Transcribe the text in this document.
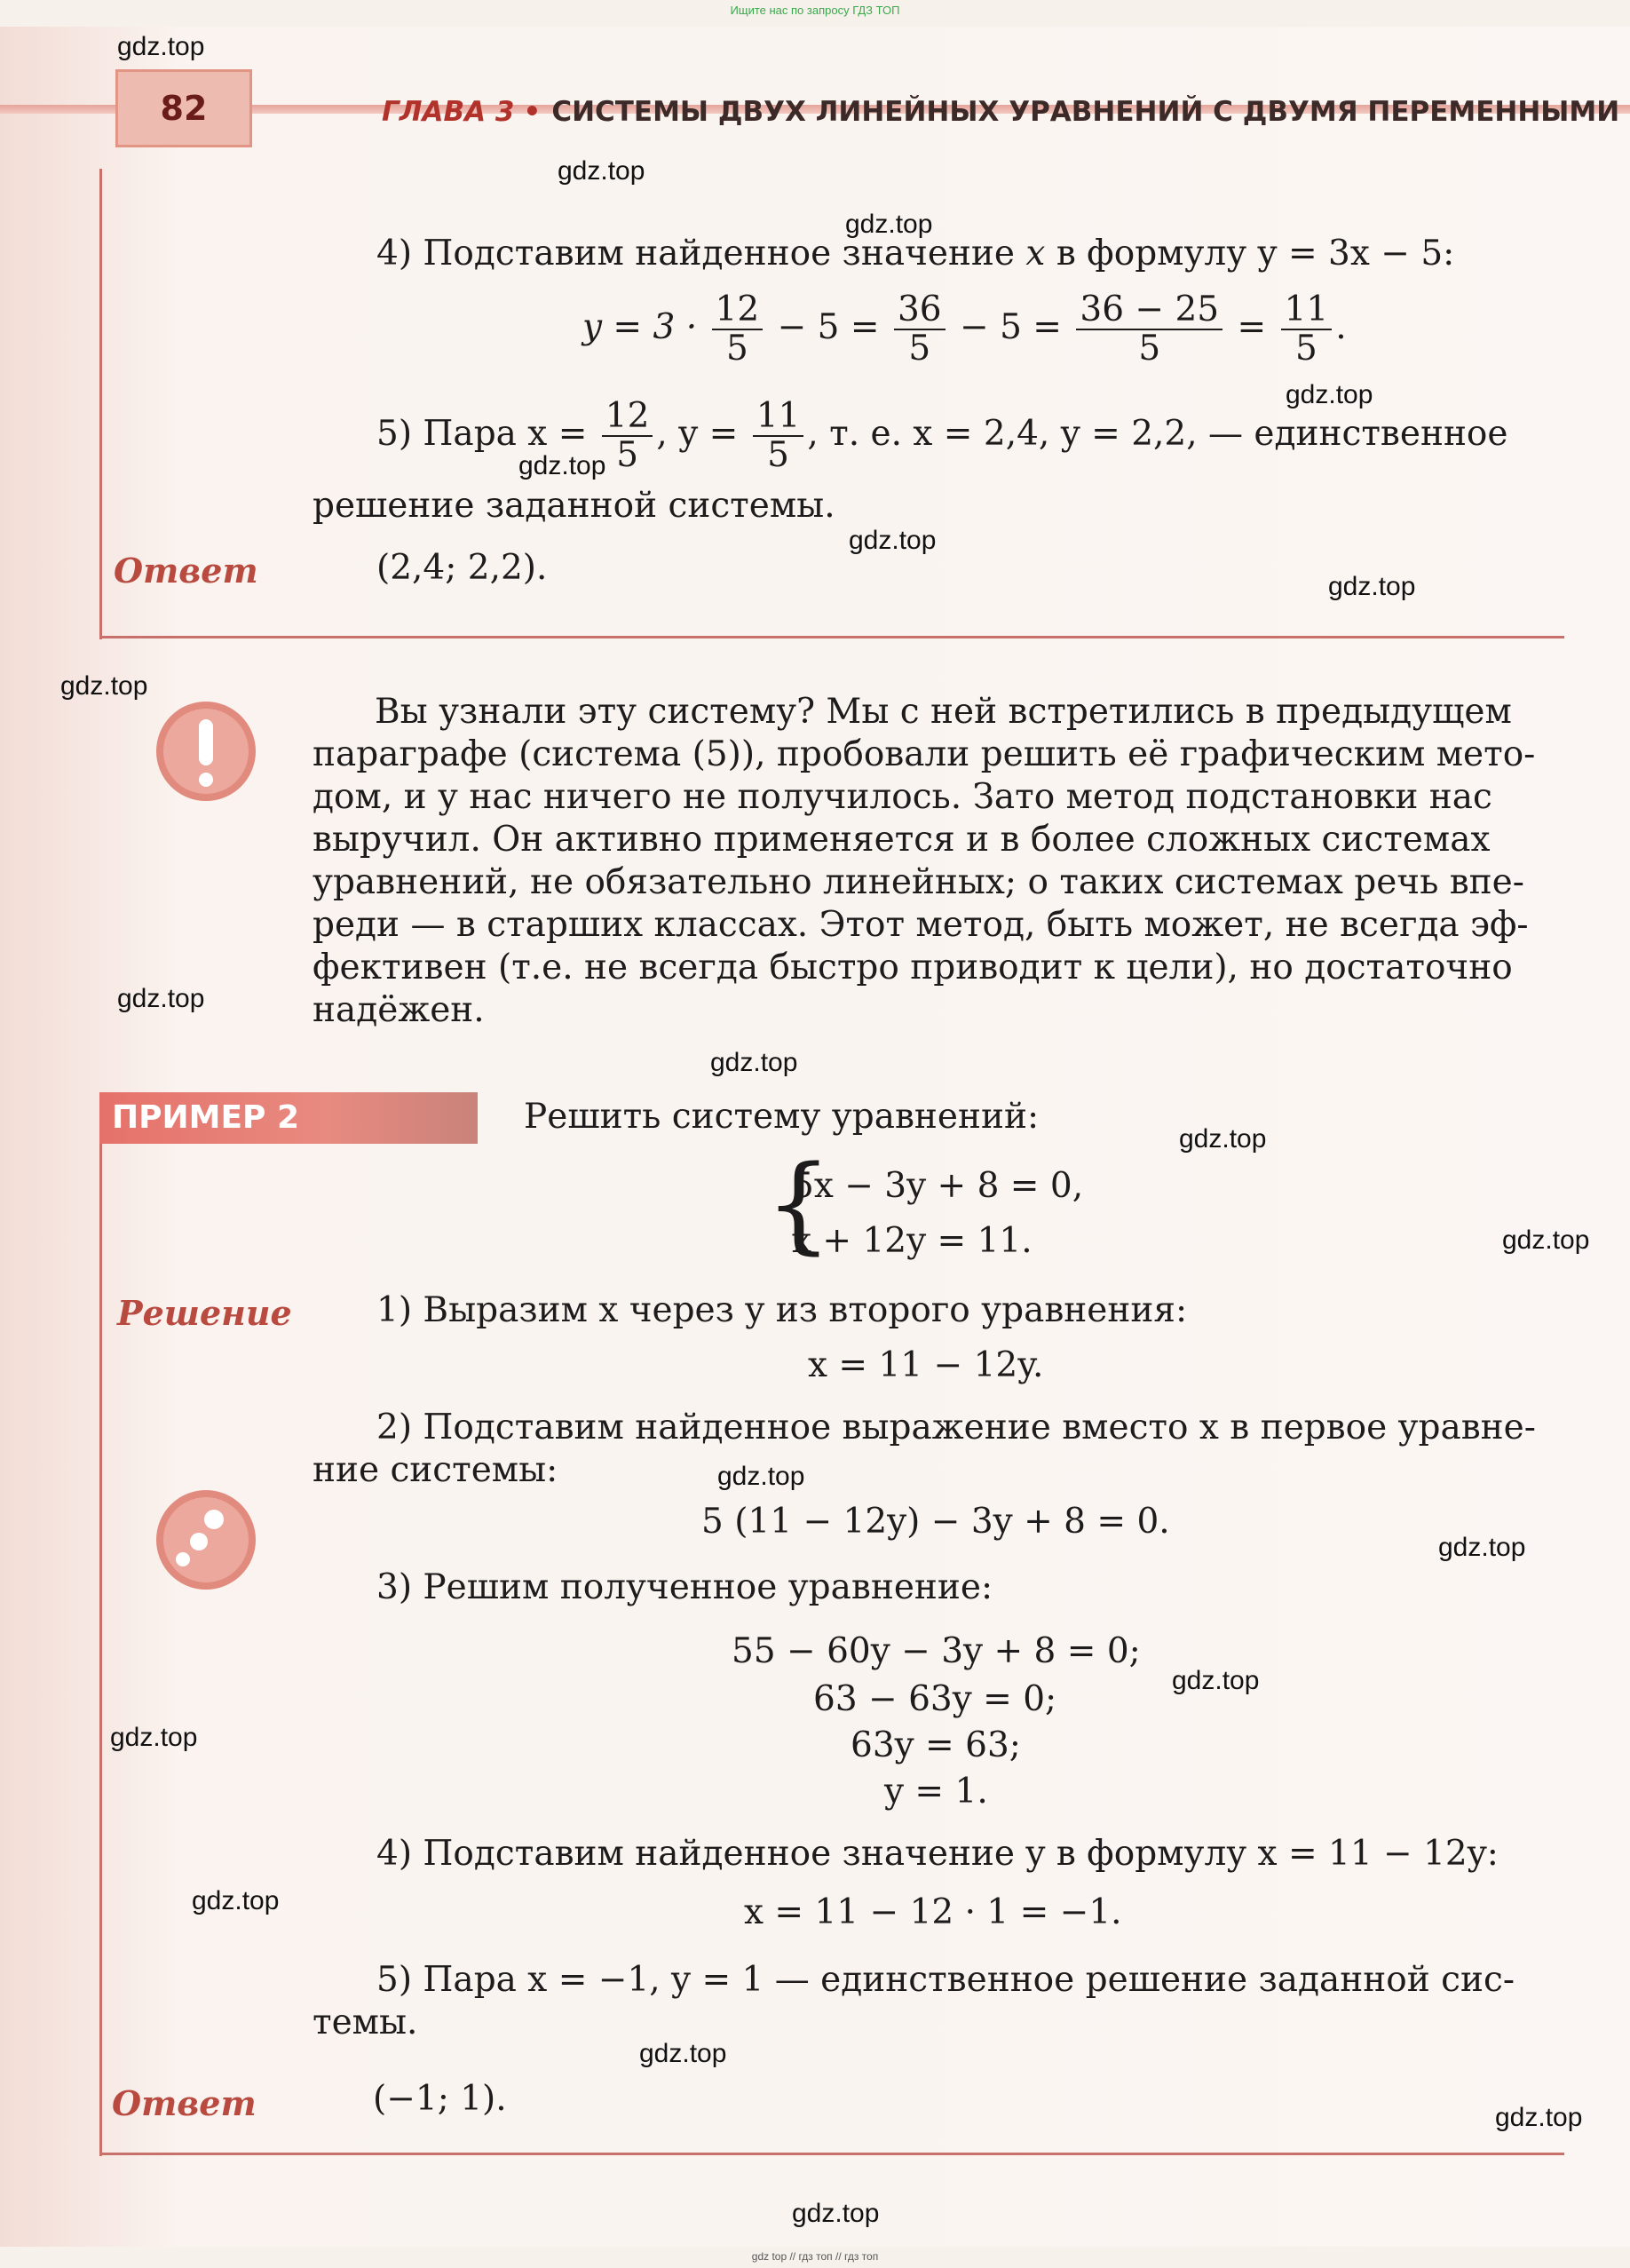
Ищите нас по запросу ГДЗ ТОП
82	ГЛАВА 3 • СИСТЕМЫ ДВУХ ЛИНЕЙНЫХ УРАВНЕНИЙ С ДВУМЯ ПЕРЕМЕННЫМИ
4) Подставим найденное значение x в формулу y = 3x − 5:
$y = 3 \cdot \frac{12}{5} - 5 = \frac{36}{5} - 5 = \frac{36 - 25}{5} = \frac{11}{5}$ .
5) Пара $x = \frac{12}{5}$ , $y = \frac{11}{5}$ , т. е. x = 2,4, y = 2,2, — единственное
решение заданной системы.
Ответ	(2,4; 2,2).
Вы узнали эту систему? Мы с ней встретились в предыдущем
параграфе (система (5)), пробовали решить её графическим мето-
дом, и у нас ничего не получилось. Зато метод подстановки нас
выручил. Он активно применяется и в более сложных системах
уравнений, не обязательно линейных; о таких системах речь впе-
реди — в старших классах. Этот метод, быть может, не всегда эф-
фективен (т.е. не всегда быстро приводит к цели), но достаточно
надёжен.
ПРИМЕР 2	Решить систему уравнений:
{
5x − 3y + 8 = 0,
x + 12y = 11.
Решение 1) Выразим x через y из второго уравнения:
x = 11 − 12y.
2) Подставим найденное выражение вместо x в первое уравне-
ние системы:
5 (11 − 12y) − 3y + 8 = 0.
3) Решим полученное уравнение:
55 − 60y − 3y + 8 = 0;
63 − 63y = 0;
63y = 63;
y = 1.
4) Подставим найденное значение y в формулу x = 11 − 12y:
x = 11 − 12 · 1 = −1.
5) Пара x = −1, y = 1 — единственное решение заданной сис-
темы.
Ответ	(−1; 1).
gdz.top
gdz.top
gdz.top
gdz.top
gdz.top
gdz.top
gdz.top
gdz.top
gdz.top
gdz.top
gdz.top
gdz.top
gdz.top
gdz.top
gdz.top
gdz.top
gdz.top
gdz.top
gdz.top
gdz.top
gdz top // гдз топ // гдз топ
